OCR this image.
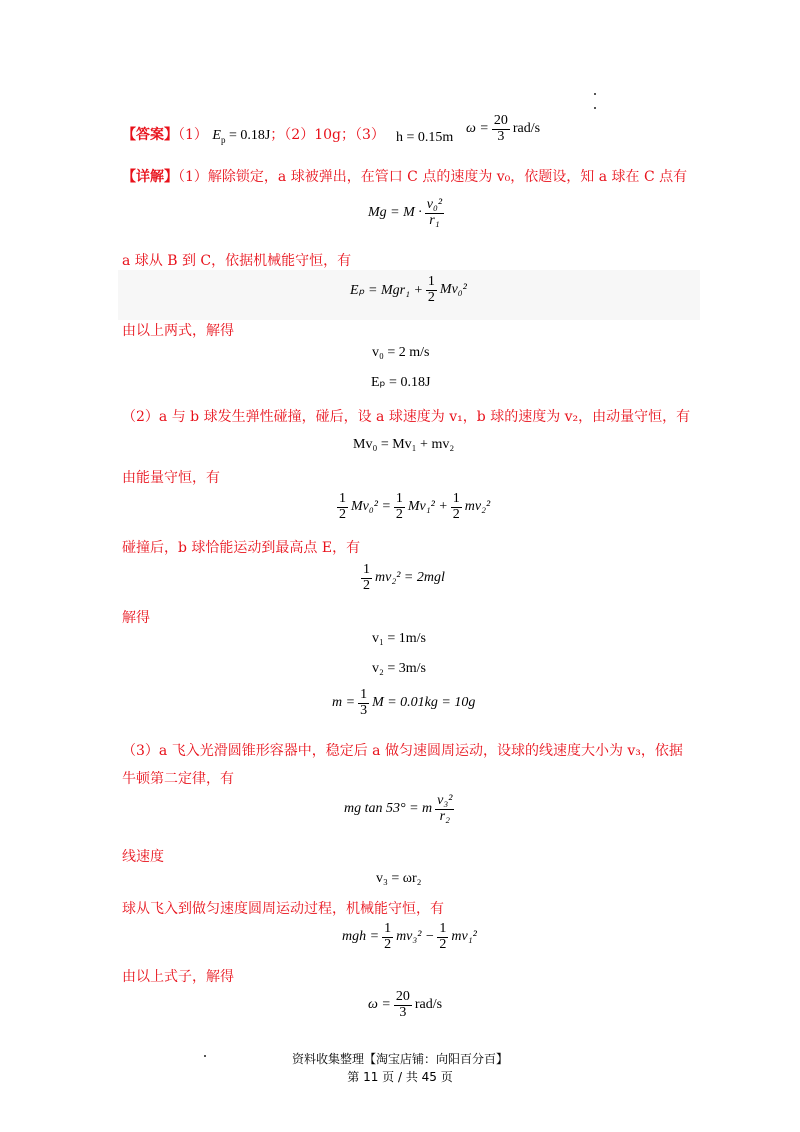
【答案】（1） $E_p = 0.18J$；（2）10g；（3） h = 0.15m
$\omega = \frac{20}{3} rad/s$
【详解】（1）解除锁定，a 球被弹出，在管口 C 点的速度为 v₀，依题设，知 a 球在 C 点有
$Mg = M \cdot \frac{\text{v₀²}}{\text{r₁}}$
a 球从 B 到 C，依据机械能守恒，有
$E_p = Mgr_1 + \frac{1}{2} Mv_0^2$
由以上两式，解得
v₀ = 2 m/s
Eₚ = 0.18J
（2）a 与 b 球发生弹性碰撞，碰后，设 a 球速度为 v₁，b 球的速度为 v₂，由动量守恒，有
Mv₀ = Mv₁ + mv₂
由能量守恒，有
$\frac{1}{2} Mv_0^2 = \frac{1}{2} Mv_1^2 + \frac{1}{2} mv_2^2$
碰撞后，b 球恰能运动到最高点 E，有
$\frac{1}{2} mv_2^2 = 2mgl$
解得
v₁ = 1m/s
v₂ = 3m/s
$m = \frac{1}{3}$ M = 0.01kg = 10g
（3）a 飞入光滑圆锥形容器中，稳定后 a 做匀速圆周运动，设球的线速度大小为 v₃，依据
牛顿第二定律，有
mg tan 53° = m $\frac{\text{v₃²}}{\text{r₂}}$
线速度
v₃ = ωr₂
球从飞入到做匀速度圆周运动过程，机械能守恒，有
mgh = $\frac{1}{2} mv_3^2 - \frac{1}{2} mv_1^2$
由以上式子，解得
$\omega = \frac{20}{3} rad/s$
资料收集整理【淘宝店铺：向阳百分百】
第 11 页 / 共 45 页
